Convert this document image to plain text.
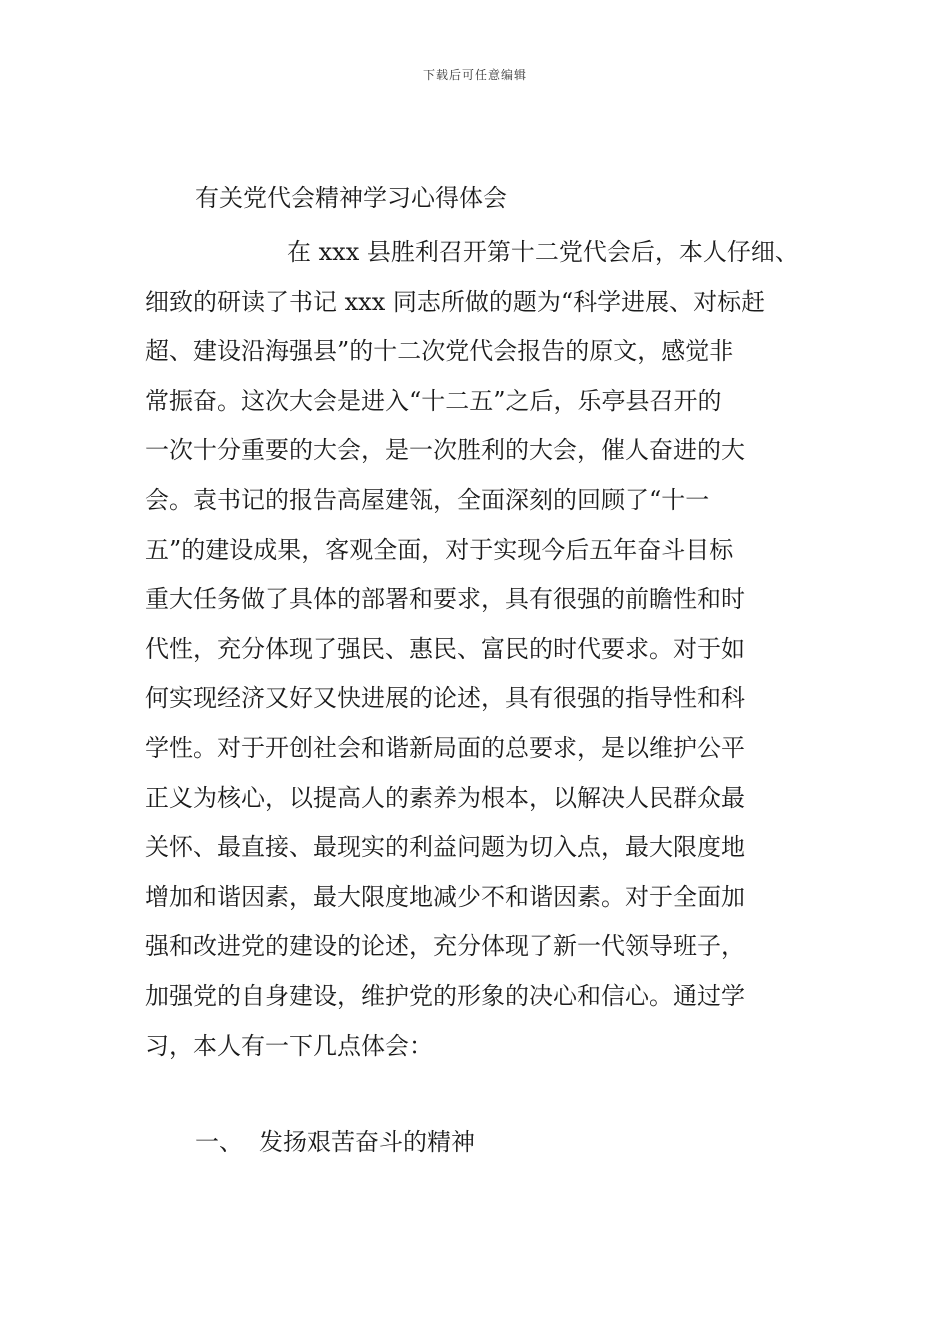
下载后可任意编辑
有关党代会精神学习心得体会
在 xxx 县胜利召开第十二党代会后，本人仔细、
细致的研读了书记 xxx 同志所做的题为“科学进展、对标赶
超、建设沿海强县”的十二次党代会报告的原文，感觉非
常振奋。这次大会是进入“十二五”之后，乐亭县召开的
一次十分重要的大会，是一次胜利的大会，催人奋进的大
会。袁书记的报告高屋建瓴，全面深刻的回顾了“十一
五”的建设成果，客观全面，对于实现今后五年奋斗目标
重大任务做了具体的部署和要求，具有很强的前瞻性和时
代性，充分体现了强民、惠民、富民的时代要求。对于如
何实现经济又好又快进展的论述，具有很强的指导性和科
学性。对于开创社会和谐新局面的总要求，是以维护公平
正义为核心，以提高人的素养为根本，以解决人民群众最
关怀、最直接、最现实的利益问题为切入点，最大限度地
增加和谐因素，最大限度地减少不和谐因素。对于全面加
强和改进党的建设的论述，充分体现了新一代领导班子，
加强党的自身建设，维护党的形象的决心和信心。通过学
习，本人有一下几点体会：
一、 发扬艰苦奋斗的精神
